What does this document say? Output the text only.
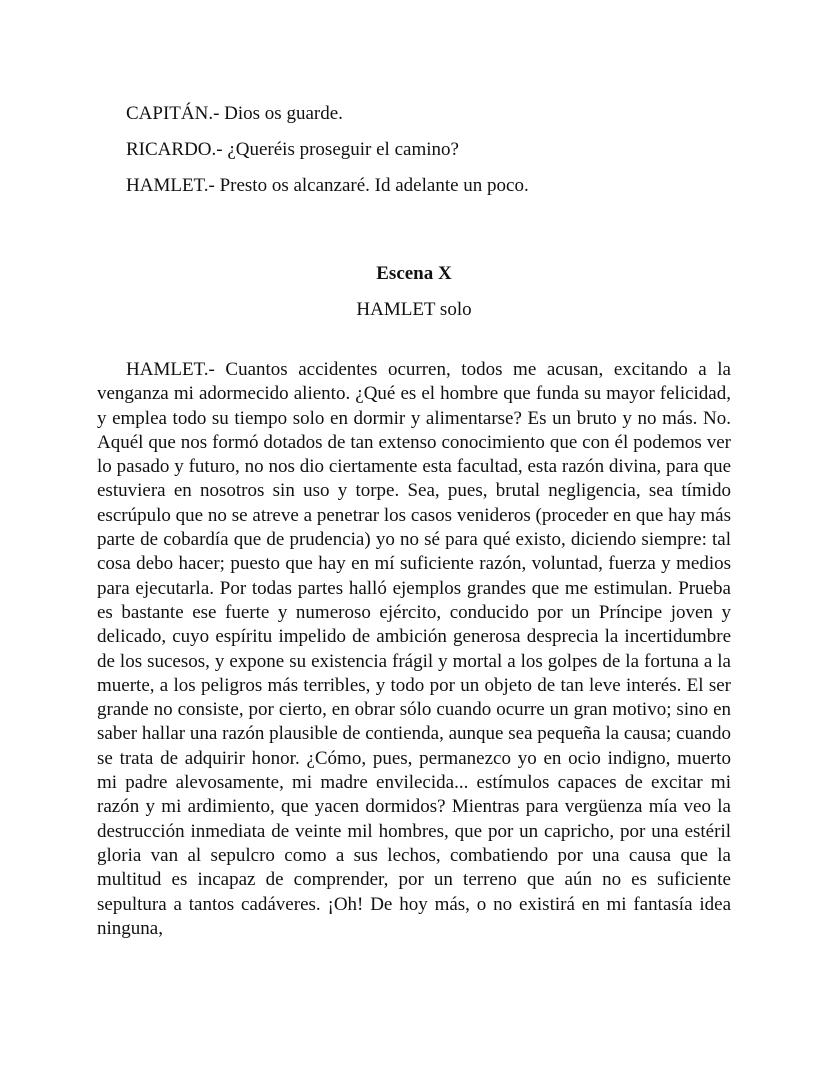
CAPITÁN.- Dios os guarde.

RICARDO.- ¿Queréis proseguir el camino?

HAMLET.- Presto os alcanzaré. Id adelante un poco.

Escena X

HAMLET solo

HAMLET.- Cuantos accidentes ocurren, todos me acusan, excitando a la venganza mi adormecido aliento. ¿Qué es el hombre que funda su mayor felicidad, y emplea todo su tiempo solo en dormir y alimentarse? Es un bruto y no más. No. Aquél que nos formó dotados de tan extenso conocimiento que con él podemos ver lo pasado y futuro, no nos dio ciertamente esta facultad, esta razón divina, para que estuviera en nosotros sin uso y torpe. Sea, pues, brutal negligencia, sea tímido escrúpulo que no se atreve a penetrar los casos venideros (proceder en que hay más parte de cobardía que de prudencia) yo no sé para qué existo, diciendo siempre: tal cosa debo hacer; puesto que hay en mí suficiente razón, voluntad, fuerza y medios para ejecutarla. Por todas partes halló ejemplos grandes que me estimulan. Prueba es bastante ese fuerte y numeroso ejército, conducido por un Príncipe joven y delicado, cuyo espíritu impelido de ambición generosa desprecia la incertidumbre de los sucesos, y expone su existencia frágil y mortal a los golpes de la fortuna a la muerte, a los peligros más terribles, y todo por un objeto de tan leve interés. El ser grande no consiste, por cierto, en obrar sólo cuando ocurre un gran motivo; sino en saber hallar una razón plausible de contienda, aunque sea pequeña la causa; cuando se trata de adquirir honor. ¿Cómo, pues, permanezco yo en ocio indigno, muerto mi padre alevosamente, mi madre envilecida... estímulos capaces de excitar mi razón y mi ardimiento, que yacen dormidos? Mientras para vergüenza mía veo la destrucción inmediata de veinte mil hombres, que por un capricho, por una estéril gloria van al sepulcro como a sus lechos, combatiendo por una causa que la multitud es incapaz de comprender, por un terreno que aún no es suficiente sepultura a tantos cadáveres. ¡Oh! De hoy más, o no existirá en mi fantasía idea ninguna,
